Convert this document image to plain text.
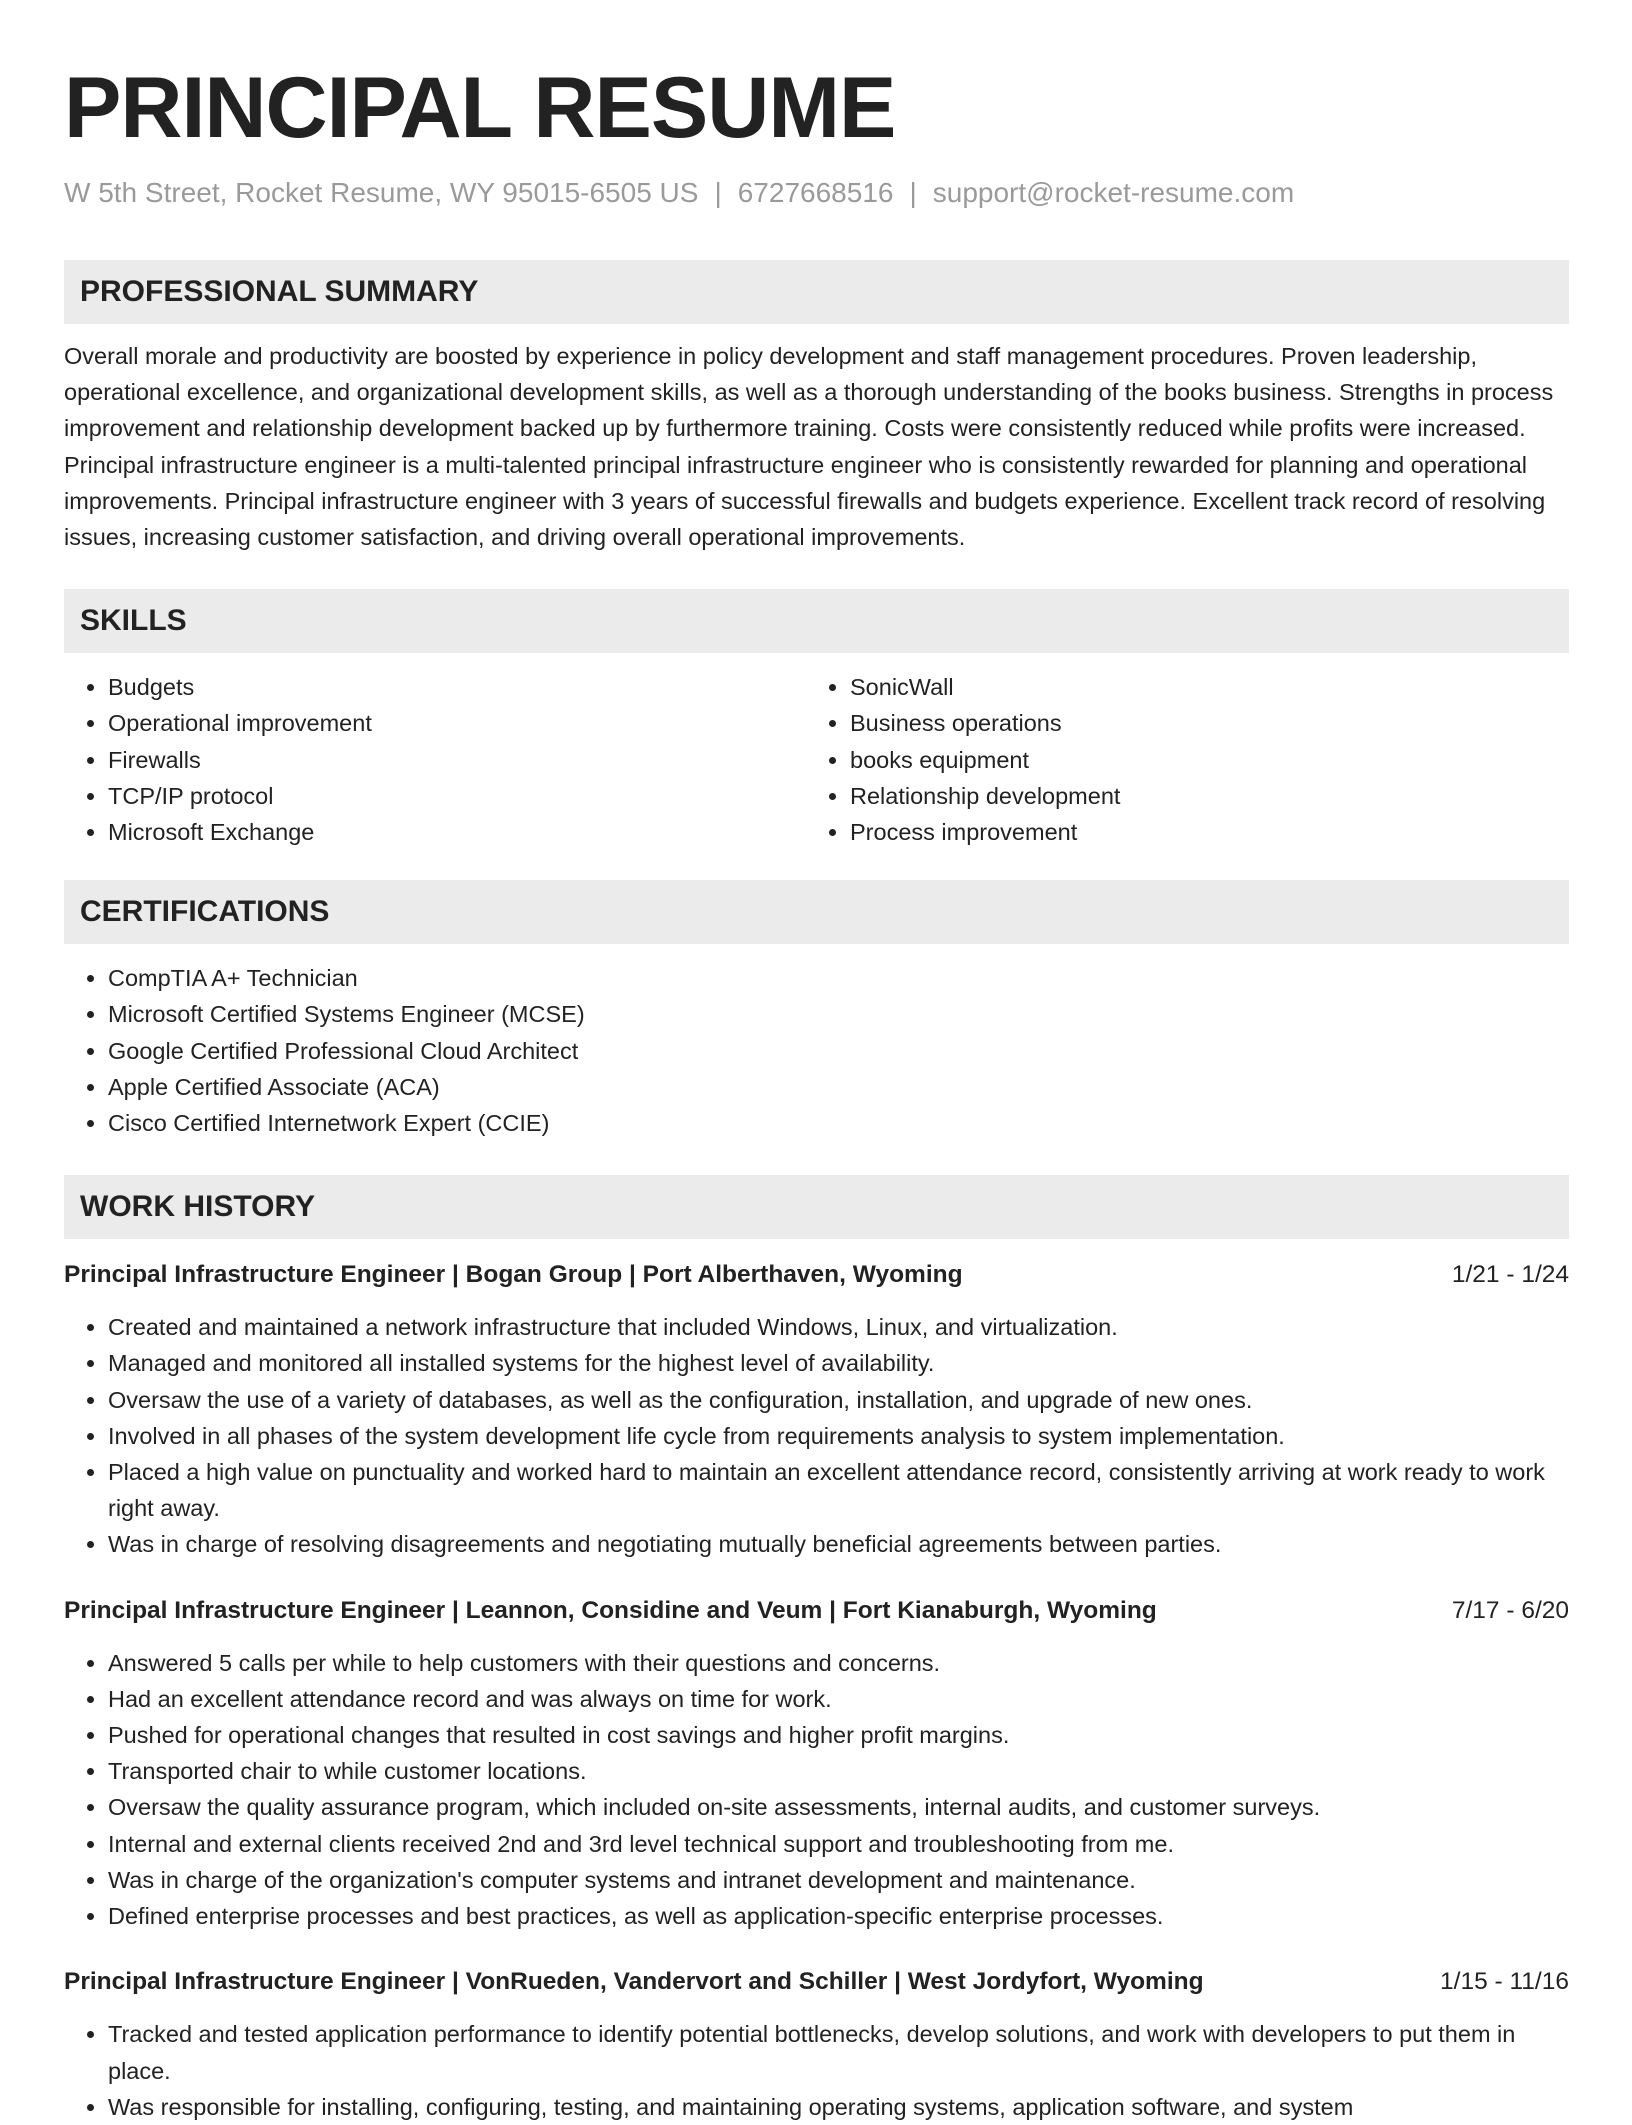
PRINCIPAL RESUME
W 5th Street, Rocket Resume, WY 95015-6505 US | 6727668516 | support@rocket-resume.com
PROFESSIONAL SUMMARY
Overall morale and productivity are boosted by experience in policy development and staff management procedures. Proven leadership, operational excellence, and organizational development skills, as well as a thorough understanding of the books business. Strengths in process improvement and relationship development backed up by furthermore training. Costs were consistently reduced while profits were increased. Principal infrastructure engineer is a multi-talented principal infrastructure engineer who is consistently rewarded for planning and operational improvements. Principal infrastructure engineer with 3 years of successful firewalls and budgets experience. Excellent track record of resolving issues, increasing customer satisfaction, and driving overall operational improvements.
SKILLS
• Budgets
• Operational improvement
• Firewalls
• TCP/IP protocol
• Microsoft Exchange
• SonicWall
• Business operations
• books equipment
• Relationship development
• Process improvement
CERTIFICATIONS
• CompTIA A+ Technician
• Microsoft Certified Systems Engineer (MCSE)
• Google Certified Professional Cloud Architect
• Apple Certified Associate (ACA)
• Cisco Certified Internetwork Expert (CCIE)
WORK HISTORY
Principal Infrastructure Engineer | Bogan Group | Port Alberthaven, Wyoming	1/21 - 1/24
• Created and maintained a network infrastructure that included Windows, Linux, and virtualization.
• Managed and monitored all installed systems for the highest level of availability.
• Oversaw the use of a variety of databases, as well as the configuration, installation, and upgrade of new ones.
• Involved in all phases of the system development life cycle from requirements analysis to system implementation.
• Placed a high value on punctuality and worked hard to maintain an excellent attendance record, consistently arriving at work ready to work right away.
• Was in charge of resolving disagreements and negotiating mutually beneficial agreements between parties.
Principal Infrastructure Engineer | Leannon, Considine and Veum | Fort Kianaburgh, Wyoming	7/17 - 6/20
• Answered 5 calls per while to help customers with their questions and concerns.
• Had an excellent attendance record and was always on time for work.
• Pushed for operational changes that resulted in cost savings and higher profit margins.
• Transported chair to while customer locations.
• Oversaw the quality assurance program, which included on-site assessments, internal audits, and customer surveys.
• Internal and external clients received 2nd and 3rd level technical support and troubleshooting from me.
• Was in charge of the organization's computer systems and intranet development and maintenance.
• Defined enterprise processes and best practices, as well as application-specific enterprise processes.
Principal Infrastructure Engineer | VonRueden, Vandervort and Schiller | West Jordyfort, Wyoming	1/15 - 11/16
• Tracked and tested application performance to identify potential bottlenecks, develop solutions, and work with developers to put them in place.
• Was responsible for installing, configuring, testing, and maintaining operating systems, application software, and system
